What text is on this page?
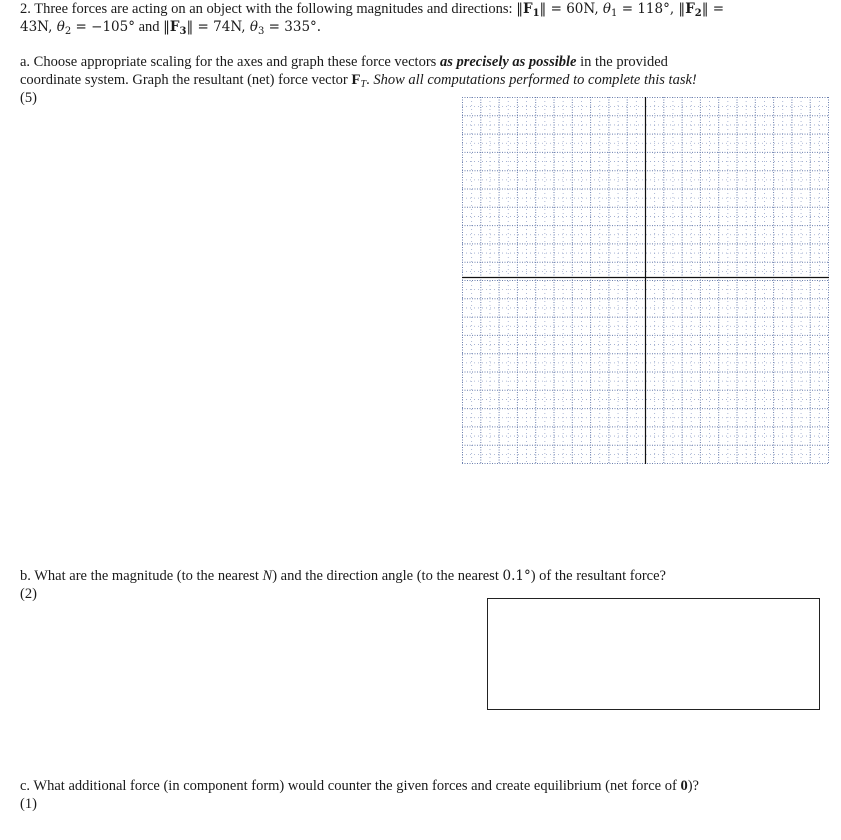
2. Three forces are acting on an object with the following magnitudes and directions: $‖F_1‖ = 60N$, $\theta_1 = 118^\circ$, $‖F_2‖$ =
43N, $\theta_2 = -105^\circ$ and $‖F_3‖ = 74N$, $\theta_3 = 335^\circ$.
a. Choose appropriate scaling for the axes and graph these force vectors as precisely as possible in the provided
coordinate system. Graph the resultant (net) force vector $F_T$. Show all computations performed to complete this task!
(5)
b. What are the magnitude (to the nearest N) and the direction angle (to the nearest 0.1°) of the resultant force?
(2)
c. What additional force (in component form) would counter the given forces and create equilibrium (net force of 0)?
(1)
